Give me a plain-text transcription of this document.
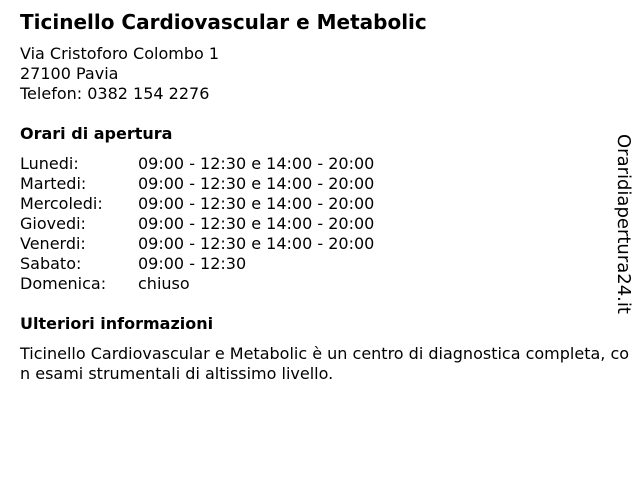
Ticinello Cardiovascular e Metabolic
Via Cristoforo Colombo 1
27100 Pavia
Telefon: 0382 154 2276
Orari di apertura
Lunedi:	09:00 - 12:30 e 14:00 - 20:00
Martedi:	09:00 - 12:30 e 14:00 - 20:00
Mercoledi: 09:00 - 12:30 e 14:00 - 20:00
Giovedi:	09:00 - 12:30 e 14:00 - 20:00
Venerdi:	09:00 - 12:30 e 14:00 - 20:00
Sabato:	09:00 - 12:30
Domenica: chiuso
Ulteriori informazioni
Ticinello Cardiovascular e Metabolic è un centro di diagnostica completa, con esami strumentali di altissimo livello.
Oraridiapertura24.it
